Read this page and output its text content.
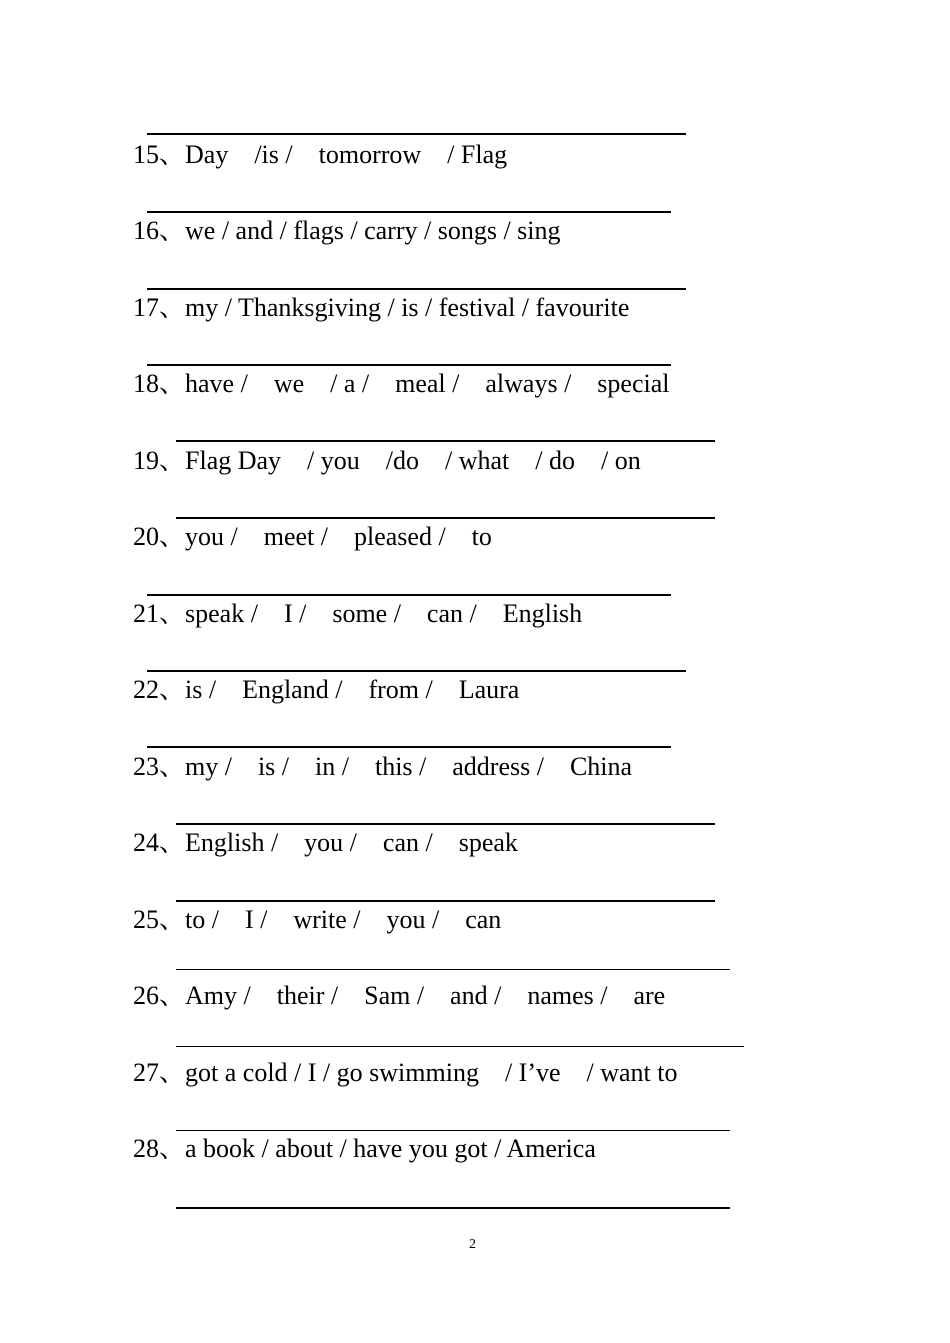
15、Day    /is /    tomorrow    / Flag
16、we / and / flags / carry / songs / sing
17、my / Thanksgiving / is / festival / favourite
18、have /    we    / a /    meal /    always /    special
19、Flag Day    / you    /do    / what    / do    / on
20、you /    meet /    pleased /    to
21、speak /    I /    some /    can /    English
22、is /    England /    from /    Laura
23、my /    is /    in /    this /    address /    China
24、English /    you /    can /    speak
25、to /    I /    write /    you /    can
26、Amy /    their /    Sam /    and /    names /    are
27、got a cold / I / go swimming    / I’ve    / want to
28、a book / about / have you got / America
2
